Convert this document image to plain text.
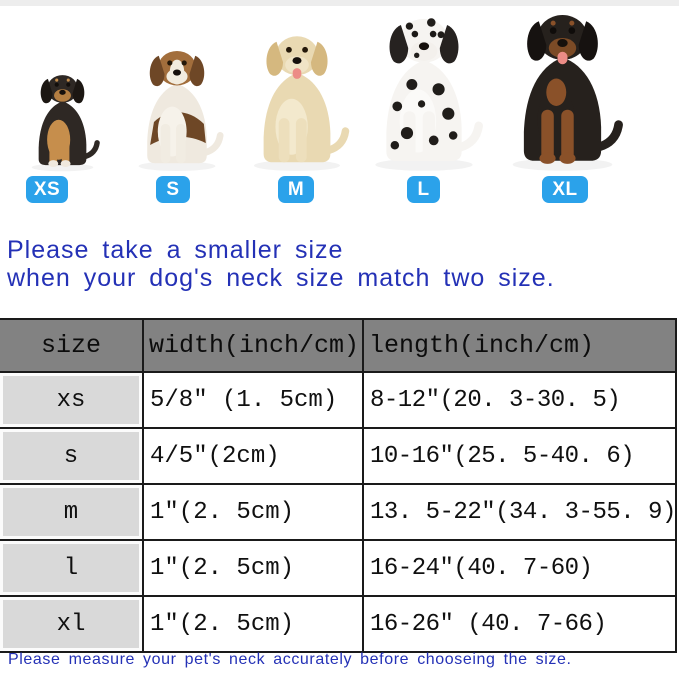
XS	S	M	L	XL
Please take a smaller size
when your dog's neck size match two size.
size	width(inch/cm)	length(inch/cm)
xs	5/8″ (1. 5cm)	8-12″(20. 3-30. 5)
s	4/5″(2cm)	10-16″(25. 5-40. 6)
m	1″(2. 5cm)	13. 5-22″(34. 3-55. 9)
l	1″(2. 5cm)	16-24″(40. 7-60)
xl	1″(2. 5cm)	16-26″ (40. 7-66)
Please measure your pet's neck accurately before chooseing the size.
